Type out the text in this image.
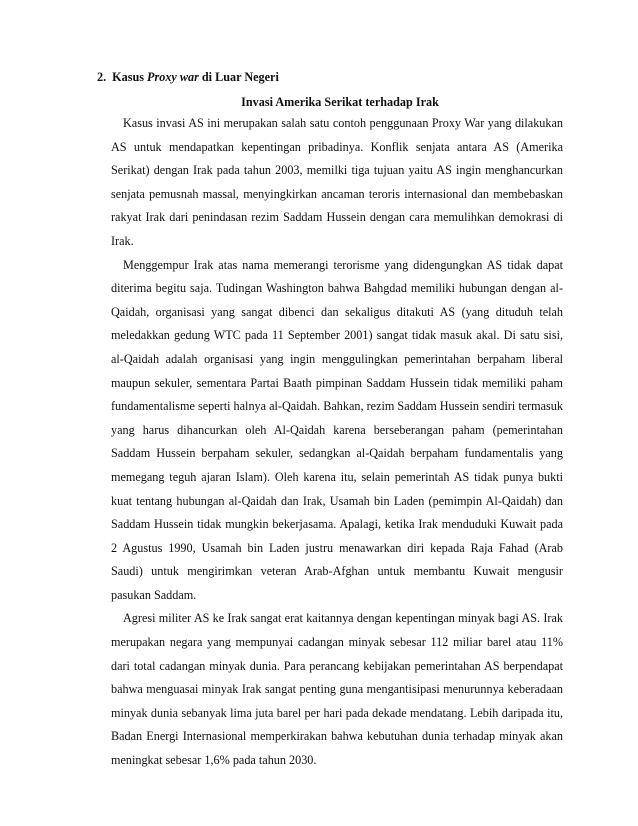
2. Kasus Proxy war di Luar Negeri
Invasi Amerika Serikat terhadap Irak

Kasus invasi AS ini merupakan salah satu contoh penggunaan Proxy War yang dilakukan AS untuk mendapatkan kepentingan pribadinya. Konflik senjata antara AS (Amerika Serikat) dengan Irak pada tahun 2003, memilki tiga tujuan yaitu AS ingin menghancurkan senjata pemusnah massal, menyingkirkan ancaman teroris internasional dan membebaskan rakyat Irak dari penindasan rezim Saddam Hussein dengan cara memulihkan demokrasi di Irak.

Menggempur Irak atas nama memerangi terorisme yang didengungkan AS tidak dapat diterima begitu saja. Tudingan Washington bahwa Bahgdad memiliki hubungan dengan al-Qaidah, organisasi yang sangat dibenci dan sekaligus ditakuti AS (yang dituduh telah meledakkan gedung WTC pada 11 September 2001) sangat tidak masuk akal. Di satu sisi, al-Qaidah adalah organisasi yang ingin menggulingkan pemerintahan berpaham liberal maupun sekuler, sementara Partai Baath pimpinan Saddam Hussein tidak memiliki paham fundamentalisme seperti halnya al-Qaidah. Bahkan, rezim Saddam Hussein sendiri termasuk yang harus dihancurkan oleh Al-Qaidah karena berseberangan paham (pemerintahan Saddam Hussein berpaham sekuler, sedangkan al-Qaidah berpaham fundamentalis yang memegang teguh ajaran Islam). Oleh karena itu, selain pemerintah AS tidak punya bukti kuat tentang hubungan al-Qaidah dan Irak, Usamah bin Laden (pemimpin Al-Qaidah) dan Saddam Hussein tidak mungkin bekerjasama. Apalagi, ketika Irak menduduki Kuwait pada 2 Agustus 1990, Usamah bin Laden justru menawarkan diri kepada Raja Fahad (Arab Saudi) untuk mengirimkan veteran Arab-Afghan untuk membantu Kuwait mengusir pasukan Saddam.

Agresi militer AS ke Irak sangat erat kaitannya dengan kepentingan minyak bagi AS. Irak merupakan negara yang mempunyai cadangan minyak sebesar 112 miliar barel atau 11% dari total cadangan minyak dunia. Para perancang kebijakan pemerintahan AS berpendapat bahwa menguasai minyak Irak sangat penting guna mengantisipasi menurunnya keberadaan minyak dunia sebanyak lima juta barel per hari pada dekade mendatang. Lebih daripada itu, Badan Energi Internasional memperkirakan bahwa kebutuhan dunia terhadap minyak akan meningkat sebesar 1,6% pada tahun 2030.
